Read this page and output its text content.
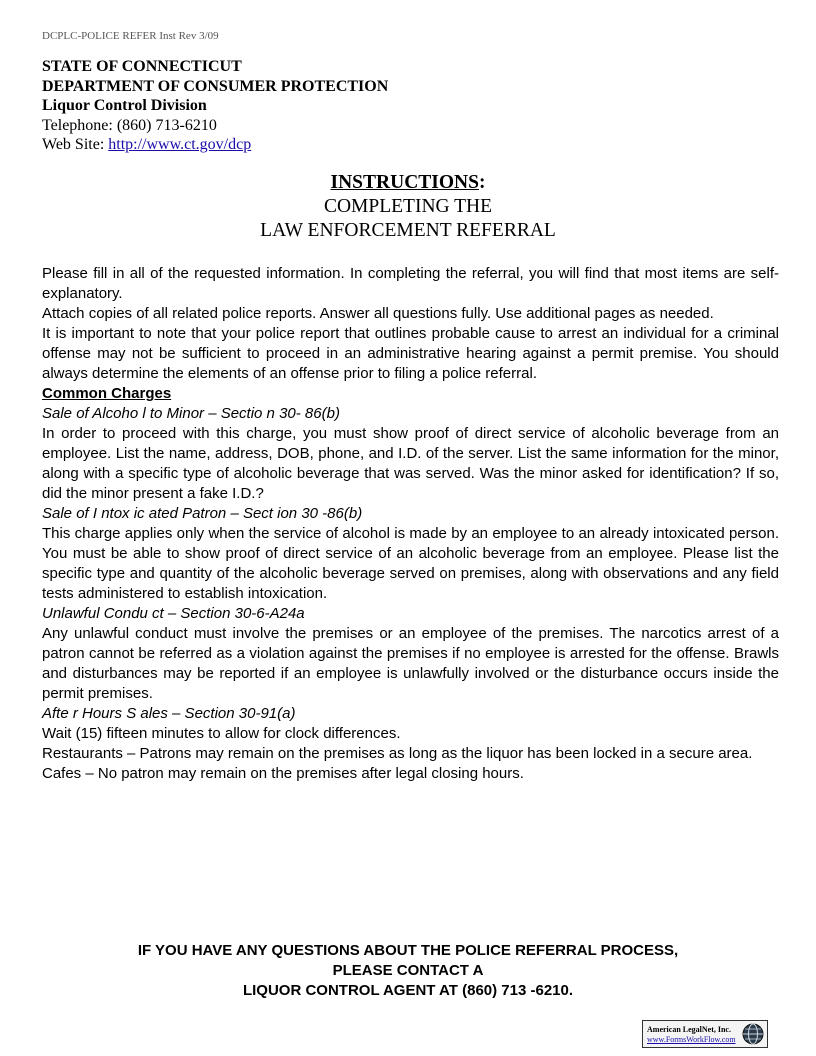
DCPLC-POLICE REFER Inst Rev 3/09
STATE OF CONNECTICUT
DEPARTMENT OF CONSUMER PROTECTION
Liquor Control Division
Telephone: (860) 713-6210
Web Site: http://www.ct.gov/dcp
INSTRUCTIONS:
COMPLETING THE
LAW ENFORCEMENT REFERRAL

Please fill in all of the requested information. In completing the referral, you will find that most items are self-explanatory.

Attach copies of all related police reports. Answer all questions fully. Use additional pages as needed.

It is important to note that your police report that outlines probable cause to arrest an individual for a criminal offense may not be sufficient to proceed in an administrative hearing against a permit premise. You should always determine the elements of an offense prior to filing a police referral.

Common Charges

Sale of Alcoho l to Minor – Sectio n 30- 86(b)

In order to proceed with this charge, you must show proof of direct service of alcoholic beverage from an employee. List the name, address, DOB, phone, and I.D. of the server. List the same information for the minor, along with a specific type of alcoholic beverage that was served. Was the minor asked for identification? If so, did the minor present a fake I.D.?

Sale of I ntox ic ated Patron – Sect ion 30 -86(b)

This charge applies only when the service of alcohol is made by an employee to an already intoxicated person. You must be able to show proof of direct service of an alcoholic beverage from an employee. Please list the specific type and quantity of the alcoholic beverage served on premises, along with observations and any field tests administered to establish intoxication.

Unlawful Condu ct – Section 30-6-A24a

Any unlawful conduct must involve the premises or an employee of the premises. The narcotics arrest of a patron cannot be referred as a violation against the premises if no employee is arrested for the offense. Brawls and disturbances may be reported if an employee is unlawfully involved or the disturbance occurs inside the permit premises.

Afte r Hours S ales – Section 30-91(a)

Wait (15) fifteen minutes to allow for clock differences.

Restaurants – Patrons may remain on the premises as long as the liquor has been locked in a secure area.

Cafes – No patron may remain on the premises after legal closing hours.

IF YOU HAVE ANY QUESTIONS ABOUT THE POLICE REFERRAL PROCESS,
PLEASE CONTACT A
LIQUOR CONTROL AGENT AT (860) 713 -6210.
American LegalNet, Inc.
www.FormsWorkFlow.com
